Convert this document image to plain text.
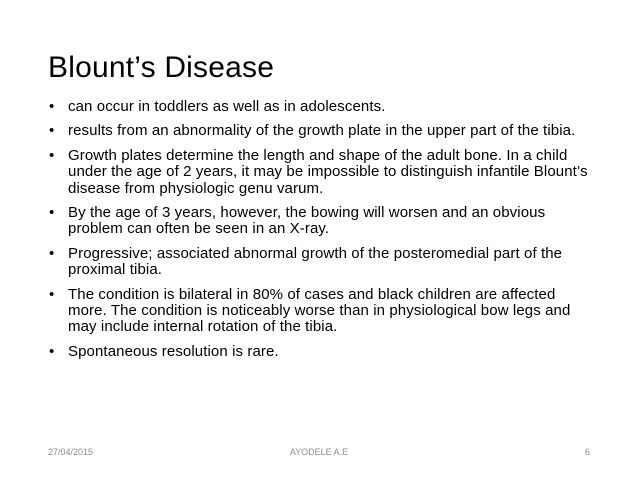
Blount’s Disease
• can occur in toddlers as well as in adolescents.
• results from an abnormality of the growth plate in the upper part of the tibia.
• Growth plates determine the length and shape of the adult bone. In a child under the age of 2 years, it may be impossible to distinguish infantile Blount’s disease from physiologic genu varum.
• By the age of 3 years, however, the bowing will worsen and an obvious problem can often be seen in an X-ray.
• Progressive; associated abnormal growth of the posteromedial part of the proximal tibia.
• The condition is bilateral in 80% of cases and black children are affected more. The condition is noticeably worse than in physiological bow legs and may include internal rotation of the tibia.
• Spontaneous resolution is rare.
27/04/2015	AYODELE A.E	6
